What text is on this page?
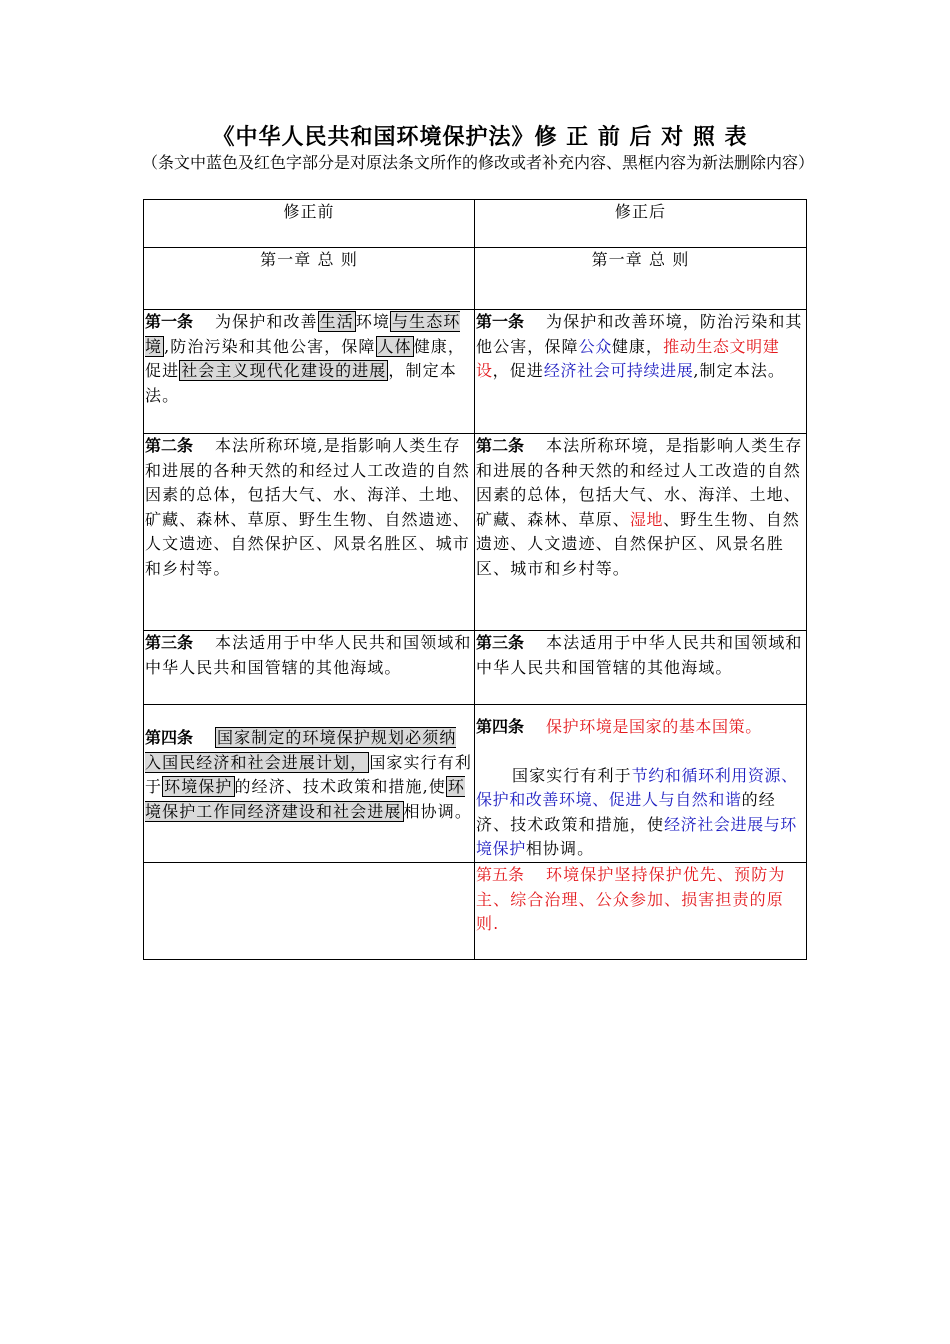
《中华人民共和国环境保护法》修 正 前 后 对 照 表
（条文中蓝色及红色字部分是对原法条文所作的修改或者补充内容、黑框内容为新法删除内容）
修正前	修正后
第一章 总 则	第一章 总 则
第一条 为保护和改善 生活 环境 与生态环境 ,防治污染和其他公害，保障 人体 健康，促进 社会主义现代化建设的进展 ，制定本法。	第一条 为保护和改善环境，防治污染和其他公害，保障公众健康，推动生态文明建设，促进经济社会可持续进展,制定本法。
第二条 本法所称环境,是指影响人类生存和进展的各种天然的和经过人工改造的自然因素的总体，包括大气、水、海洋、土地、矿藏、森林、草原、野生生物、自然遗迹、人文遗迹、自然保护区、风景名胜区、城市和乡村等。	第二条 本法所称环境，是指影响人类生存和进展的各种天然的和经过人工改造的自然因素的总体，包括大气、水、海洋、土地、矿藏、森林、草原、湿地、野生生物、自然遗迹、人文遗迹、自然保护区、风景名胜区、城市和乡村等。
第三条 本法适用于中华人民共和国领域和中华人民共和国管辖的其他海域。	第三条 本法适用于中华人民共和国领域和中华人民共和国管辖的其他海域。
第四条 国家制定的环境保护规划必须纳入国民经济和社会进展计划， 国家实行有利于 环境保护 的经济、技术政策和措施,使 环境保护工作同经济建设和社会进展 相协调。	第四条 保护环境是国家的基本国策。
国家实行有利于节约和循环利用资源、保护和改善环境、促进人与自然和谐的经济、技术政策和措施，使经济社会进展与环境保护相协调。

	第五条 环境保护坚持保护优先、预防为主、综合治理、公众参加、损害担责的原则.
